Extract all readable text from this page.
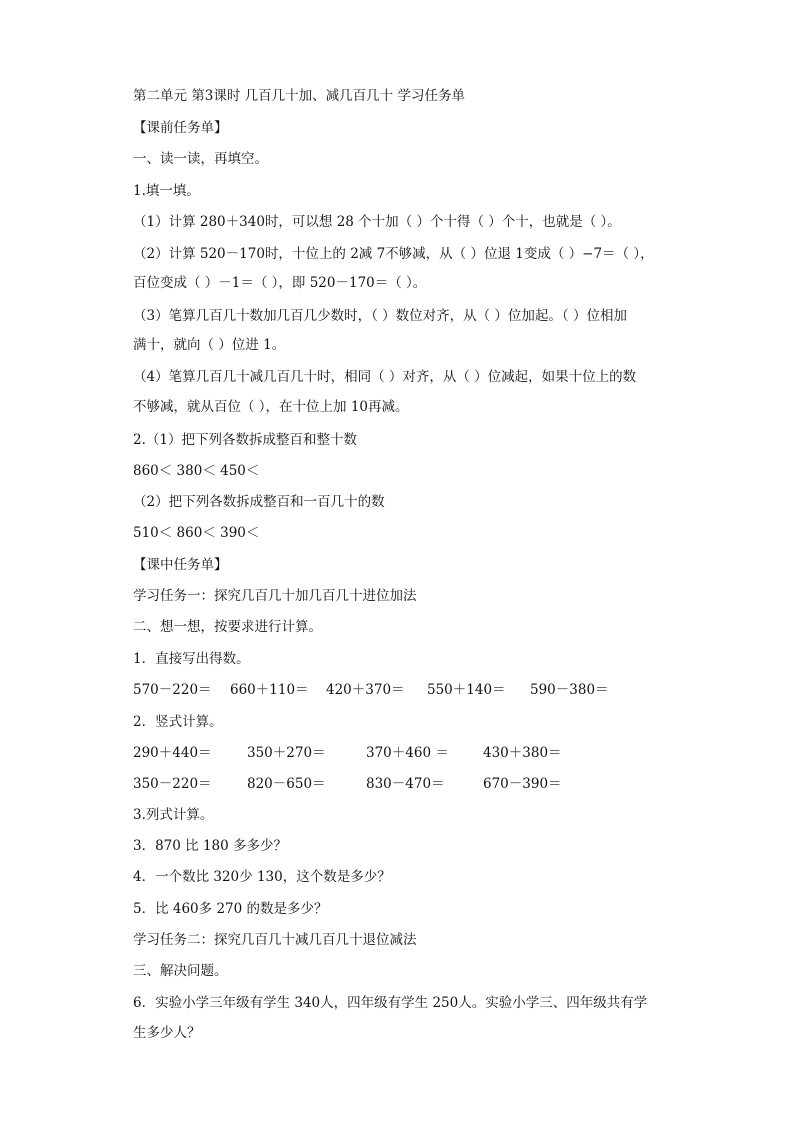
第二单元 第3课时 几百几十加、减几百几十 学习任务单
【课前任务单】
一、读一读，再填空。
1.填一填。
（1）计算 280＋340时，可以想 28 个十加（ ）个十得（ ）个十，也就是（ ）。
（2）计算 520－170时，十位上的 2减 7不够减，从（ ）位退 1变成（ ）−7＝（ ），
百位变成（ ）－1＝（ ），即 520－170＝（ ）。
（3）笔算几百几十数加几百几少数时，（ ）数位对齐，从（ ）位加起。（ ）位相加
满十，就向（ ）位进 1。
（4）笔算几百几十减几百几十时，相同（ ）对齐，从（ ）位减起，如果十位上的数
不够减，就从百位（ ），在十位上加 10再减。
2.（1）把下列各数拆成整百和整十数
860＜ 380＜ 450＜
（2）把下列各数拆成整百和一百几十的数
510＜ 860＜ 390＜
【课中任务单】
学习任务一：探究几百几十加几百几十进位加法
二、想一想，按要求进行计算。
1．直接写出得数。
570－220＝ 660＋110＝ 420＋370＝ 550＋140＝ 590－380＝
2．竖式计算。
290＋440＝	350＋270＝	370＋460 ＝	430＋380＝
350－220＝	820－650＝	830－470＝	670－390＝
3.列式计算。
3．870 比 180 多多少？
4．一个数比 320少 130，这个数是多少？
5．比 460多 270 的数是多少？
学习任务二：探究几百几十减几百几十退位减法
三、解决问题。
6．实验小学三年级有学生 340人，四年级有学生 250人。实验小学三、四年级共有学
生多少人？
